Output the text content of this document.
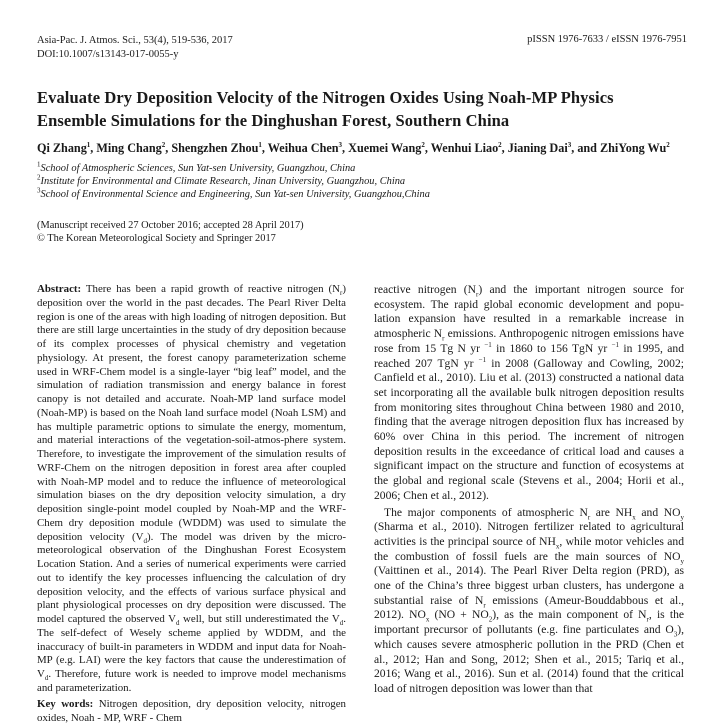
Asia-Pac. J. Atmos. Sci., 53(4), 519-536, 2017
DOI:10.1007/s13143-017-0055-y
pISSN 1976-7633 / eISSN 1976-7951
Evaluate Dry Deposition Velocity of the Nitrogen Oxides Using Noah-MP Physics
Ensemble Simulations for the Dinghushan Forest, Southern China
Qi Zhang$^1$, Ming Chang$^2$, Shengzhen Zhou$^1$, Weihua Chen$^3$, Xuemei Wang$^2$, Wenhui Liao$^2$, Jianing Dai$^3$, and ZhiYong Wu$^2$
$^1$School of Atmospheric Sciences, Sun Yat-sen University, Guangzhou, China
$^2$Institute for Environmental and Climate Research, Jinan University, Guangzhou, China
$^3$School of Environmental Science and Engineering, Sun Yat-sen University, Guangzhou,China
(Manuscript received 27 October 2016; accepted 28 April 2017)
© The Korean Meteorological Society and Springer 2017

Abstract: There has been a rapid growth of reactive nitrogen $(N_r)$ deposition over the world in the past decades. The Pearl River Delta region is one of the areas with high loading of nitrogen deposition. But there are still large uncertainties in the study of dry deposition because of its complex processes of physical chemistry and vegetation physiology. At present, the forest canopy parameterization scheme used in WRF-Chem model is a single-layer “big leaf” model, and the simulation of radiation transmission and energy balance in forest canopy is not detailed and accurate. Noah-MP land surface model (Noah-MP) is based on the Noah land surface model (Noah LSM) and has multiple parametric options to simulate the energy, momentum, and material interactions of the vegetation-soil-atmos-phere system. Therefore, to investigate the improvement of the simulation results of WRF-Chem on the nitrogen deposition in forest area after coupled with Noah-MP model and to reduce the influence of meteorological simulation biases on the dry deposition velocity simulation, a dry deposition single-point model coupled by Noah-MP and the WRF-Chem dry deposition module (WDDM) was used to simulate the deposition velocity $(V_d)$. The model was driven by the micro-meteorological observation of the Dinghushan Forest Ecosystem Location Station. And a series of numerical experiments were carried out to identify the key processes influencing the calculation of dry deposition velocity, and the effects of various surface physical and plant physiological processes on dry deposition were discussed. The model captured the observed $V_d$ well, but still underestimated the $V_d$. The self-defect of Wesely scheme applied by WDDM, and the inaccuracy of built-in parameters in WDDM and input data for Noah-MP (e.g. LAI) were the key factors that cause the underestimation of $V_d$. Therefore, future work is needed to improve model mechanisms and parameterization.

Key words: Nitrogen deposition, dry deposition velocity, nitrogen oxides, Noah - MP, WRF - Chem

reactive nitrogen $(N_r)$ and the important nitrogen source for ecosystem. The rapid global economic development and popu-lation expansion have resulted in a remarkable increase in atmospheric $N_r$ emissions. Anthropogenic nitrogen emissions have rose from 15 Tg N yr $^{-1}$ in 1860 to 156 TgN yr $^{-1}$ in 1995, and reached 207 TgN yr $^{-1}$ in 2008 (Galloway and Cowling, 2002; Canfield et al., 2010). Liu et al. (2013) constructed a national data set incorporating all the available bulk nitrogen deposition results from monitoring sites throughout China between 1980 and 2010, finding that the average nitrogen deposition flux has increased by 60% over China in this period. The increment of nitrogen deposition results in the exceedance of critical load and causes a significant impact on the structure and function of ecosystems at the global and regional scale (Stevens et al., 2004; Horii et al., 2006; Chen et al., 2012).

The major components of atmospheric $N_r$ are $NH_x$ and $NO_y$ (Sharma et al., 2010). Nitrogen fertilizer related to agricultural activities is the principal source of $NH_x$, while motor vehicles and the combustion of fossil fuels are the main sources of $NO_y$ (Vaittinen et al., 2014). The Pearl River Delta region (PRD), as one of the China’s three biggest urban clusters, has undergone a substantial raise of $N_r$ emissions (Ameur-Bouddabbous et al., 2012). $NO_x$ $(NO + NO_2)$, as the main component of $N_r$, is the important precursor of pollutants (e.g. fine particulates and $O_3$), which causes severe atmospheric pollution in the PRD (Chen et al., 2012; Han and Song, 2012; Shen et al., 2015; Tariq et al., 2016; Wang et al., 2016). Sun et al. (2014) found that the critical load of nitrogen deposition was lower than that
